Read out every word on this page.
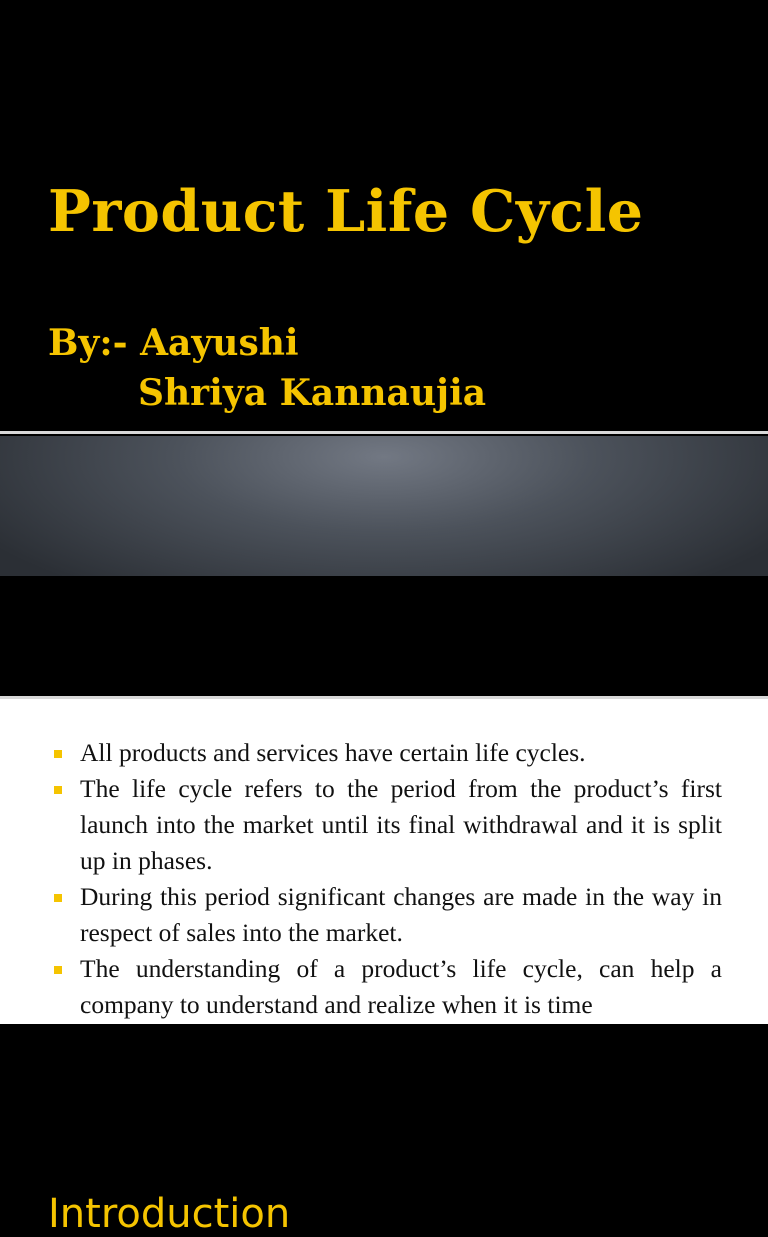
Product Life Cycle
By:- Aayushi
Shriya Kannaujia
Introduction
All products and services have certain life cycles.
The life cycle refers to the period from the product’s first launch into the market until its final withdrawal and it is split up in phases.
During this period significant changes are made in the way in respect of sales into the market.
The understanding of a product’s life cycle, can help a company to understand and realize when it is time
